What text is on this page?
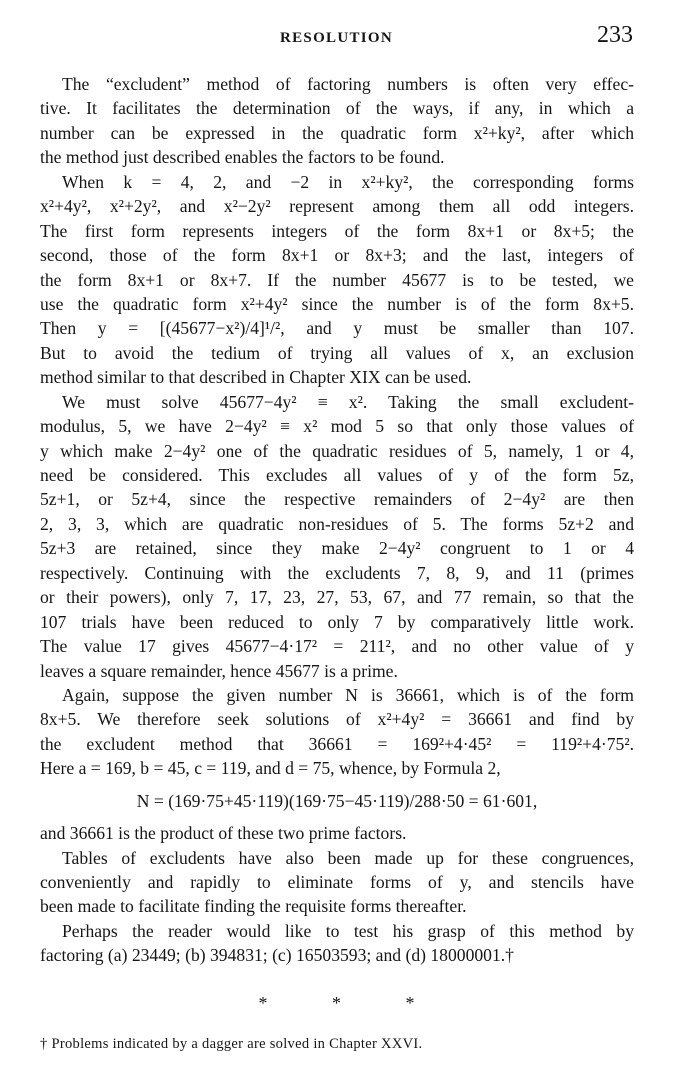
RESOLUTION	233
The “excludent” method of factoring numbers is often very effec-
tive. It facilitates the determination of the ways, if any, in which a
number can be expressed in the quadratic form x²+ky², after which
the method just described enables the factors to be found.
When k = 4, 2, and −2 in x²+ky², the corresponding forms
x²+4y², x²+2y², and x²−2y² represent among them all odd integers.
The first form represents integers of the form 8x+1 or 8x+5; the
second, those of the form 8x+1 or 8x+3; and the last, integers of
the form 8x+1 or 8x+7. If the number 45677 is to be tested, we
use the quadratic form x²+4y² since the number is of the form 8x+5.
Then y = [(45677−x²)/4]¹/², and y must be smaller than 107.
But to avoid the tedium of trying all values of x, an exclusion
method similar to that described in Chapter XIX can be used.
We must solve 45677−4y² ≡ x². Taking the small excludent-
modulus, 5, we have 2−4y² ≡ x² mod 5 so that only those values of
y which make 2−4y² one of the quadratic residues of 5, namely, 1 or 4,
need be considered. This excludes all values of y of the form 5z,
5z+1, or 5z+4, since the respective remainders of 2−4y² are then
2, 3, 3, which are quadratic non-residues of 5. The forms 5z+2 and
5z+3 are retained, since they make 2−4y² congruent to 1 or 4
respectively. Continuing with the excludents 7, 8, 9, and 11 (primes
or their powers), only 7, 17, 23, 27, 53, 67, and 77 remain, so that the
107 trials have been reduced to only 7 by comparatively little work.
The value 17 gives 45677−4·17² = 211², and no other value of y
leaves a square remainder, hence 45677 is a prime.
Again, suppose the given number N is 36661, which is of the form
8x+5. We therefore seek solutions of x²+4y² = 36661 and find by
the excludent method that 36661 = 169²+4·45² = 119²+4·75².
Here a = 169, b = 45, c = 119, and d = 75, whence, by Formula 2,
N = (169·75+45·119)(169·75−45·119)/288·50 = 61·601,
and 36661 is the product of these two prime factors.
Tables of excludents have also been made up for these congruences,
conveniently and rapidly to eliminate forms of y, and stencils have
been made to facilitate finding the requisite forms thereafter.
Perhaps the reader would like to test his grasp of this method by
factoring (a) 23449; (b) 394831; (c) 16503593; and (d) 18000001.†
* * *
† Problems indicated by a dagger are solved in Chapter XXVI.
